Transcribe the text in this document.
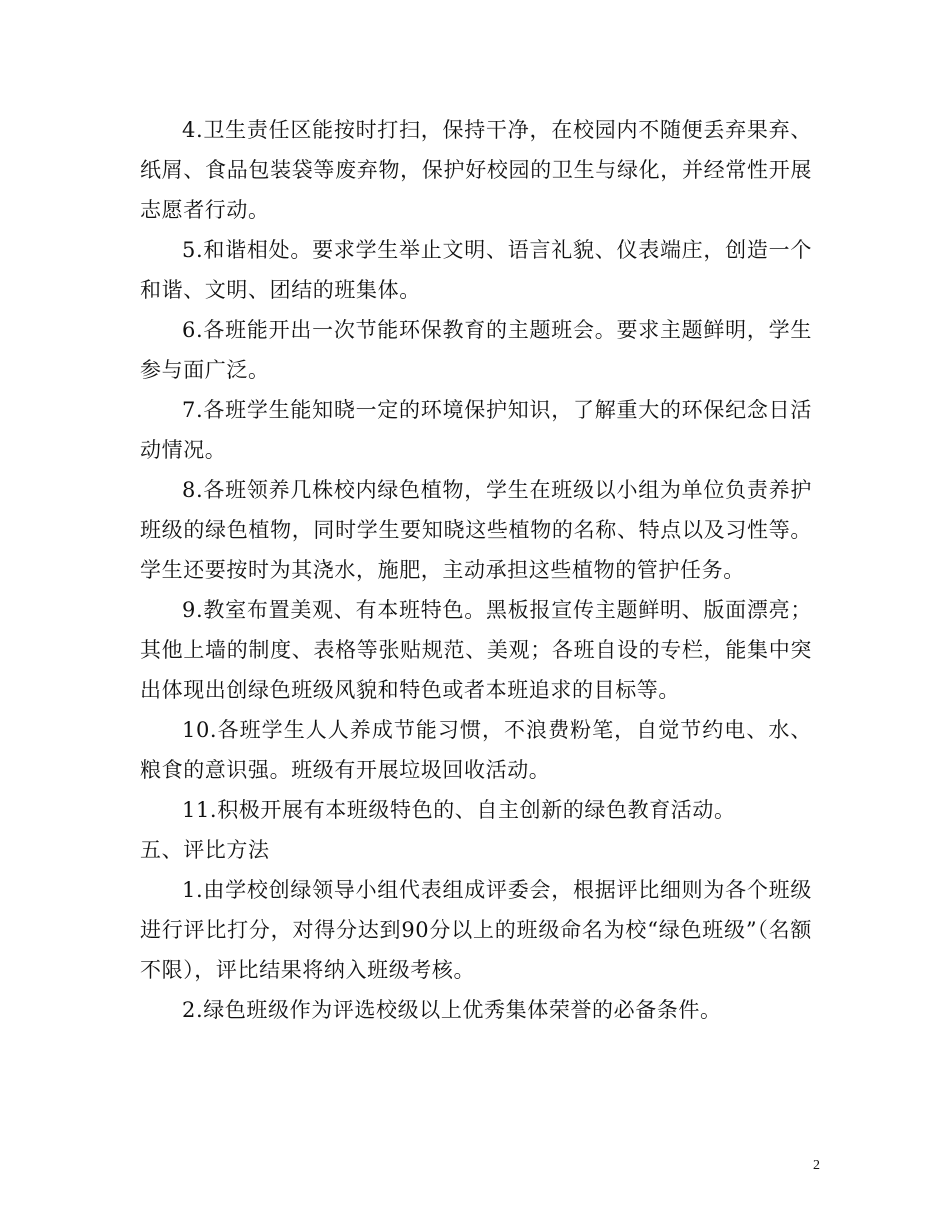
4.卫生责任区能按时打扫，保持干净，在校园内不随便丢弃果弃、纸屑、食品包装袋等废弃物，保护好校园的卫生与绿化，并经常性开展志愿者行动。

5.和谐相处。要求学生举止文明、语言礼貌、仪表端庄，创造一个和谐、文明、团结的班集体。

6.各班能开出一次节能环保教育的主题班会。要求主题鲜明，学生参与面广泛。

7.各班学生能知晓一定的环境保护知识，了解重大的环保纪念日活动情况。

8.各班领养几株校内绿色植物，学生在班级以小组为单位负责养护班级的绿色植物，同时学生要知晓这些植物的名称、特点以及习性等。学生还要按时为其浇水，施肥，主动承担这些植物的管护任务。

9.教室布置美观、有本班特色。黑板报宣传主题鲜明、版面漂亮；其他上墙的制度、表格等张贴规范、美观；各班自设的专栏，能集中突出体现出创绿色班级风貌和特色或者本班追求的目标等。

10.各班学生人人养成节能习惯，不浪费粉笔，自觉节约电、水、粮食的意识强。班级有开展垃圾回收活动。

11.积极开展有本班级特色的、自主创新的绿色教育活动。

五、评比方法

1.由学校创绿领导小组代表组成评委会，根据评比细则为各个班级进行评比打分，对得分达到90分以上的班级命名为校“绿色班级”（名额不限），评比结果将纳入班级考核。

2.绿色班级作为评选校级以上优秀集体荣誉的必备条件。

2
